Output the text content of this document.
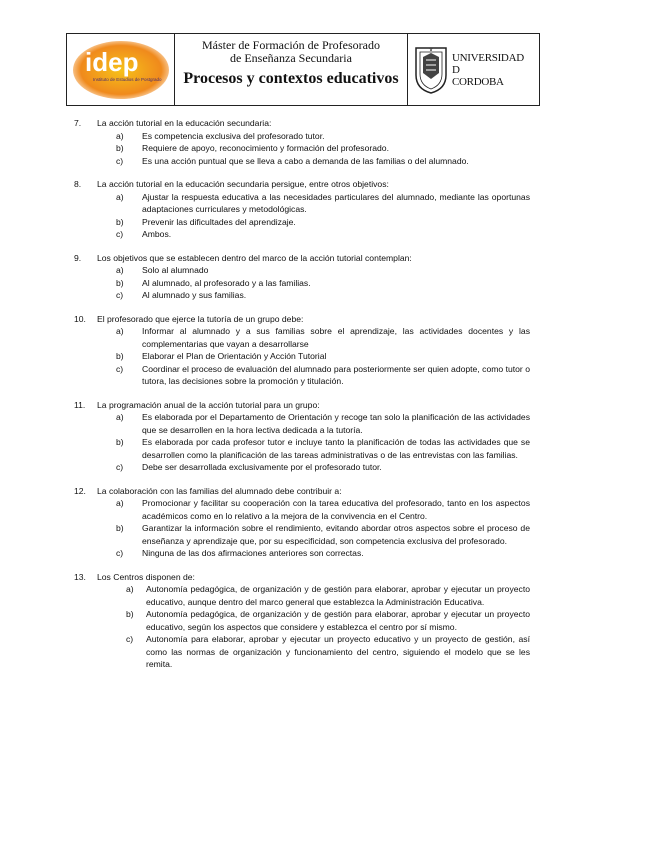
idep
Instituto de Estudios de Postgrado
Máster de Formación de Profesorado
de Enseñanza Secundaria
Procesos y contextos educativos
♛
UNIVERSIDAD
D
CORDOBA
7.	La acción tutorial en la educación secundaria:
a)	Es competencia exclusiva del profesorado tutor.
b)	Requiere de apoyo, reconocimiento y formación del profesorado.
c)	Es una acción puntual que se lleva a cabo a demanda de las familias o del alumnado.
8.	La acción tutorial en la educación secundaria persigue, entre otros objetivos:
a)	Ajustar la respuesta educativa a las necesidades particulares del alumnado, mediante las oportunas adaptaciones curriculares y metodológicas.
b)	Prevenir las dificultades del aprendizaje.
c)	Ambos.
9.	Los objetivos que se establecen dentro del marco de la acción tutorial contemplan:
a)	Solo al alumnado
b)	Al alumnado, al profesorado y a las familias.
c)	Al alumnado y sus familias.
10.	El profesorado que ejerce la tutoría de un grupo debe:
a)	Informar al alumnado y a sus familias sobre el aprendizaje, las actividades docentes y las complementarias que vayan a desarrollarse
b)	Elaborar el Plan de Orientación y Acción Tutorial
c)	Coordinar el proceso de evaluación del alumnado para posteriormente ser quien adopte, como tutor o tutora, las decisiones sobre la promoción y titulación.
11.	La programación anual de la acción tutorial para un grupo:
a)	Es elaborada por el Departamento de Orientación y recoge tan solo la planificación de las actividades que se desarrollen en la hora lectiva dedicada a la tutoría.
b)	Es elaborada por cada profesor tutor e incluye tanto la planificación de todas las actividades que se desarrollen como la planificación de las tareas administrativas o de las entrevistas con las familias.
c)	Debe ser desarrollada exclusivamente por el profesorado tutor.
12.	La colaboración con las familias del alumnado debe contribuir a:
a)	Promocionar y facilitar su cooperación con la tarea educativa del profesorado, tanto en los aspectos académicos como en lo relativo a la mejora de la convivencia en el Centro.
b)	Garantizar la información sobre el rendimiento, evitando abordar otros aspectos sobre el proceso de enseñanza y aprendizaje que, por su especificidad, son competencia exclusiva del profesorado.
c)	Ninguna de las dos afirmaciones anteriores son correctas.
13.	Los Centros disponen de:
a)	Autonomía pedagógica, de organización y de gestión para elaborar, aprobar y ejecutar un proyecto educativo, aunque dentro del marco general que establezca la Administración Educativa.
b)	Autonomía pedagógica, de organización y de gestión para elaborar, aprobar y ejecutar un proyecto educativo, según los aspectos que considere y establezca el centro por sí mismo.
c)	Autonomía para elaborar, aprobar y ejecutar un proyecto educativo y un proyecto de gestión, así como las normas de organización y funcionamiento del centro, siguiendo el modelo que se les remita.
